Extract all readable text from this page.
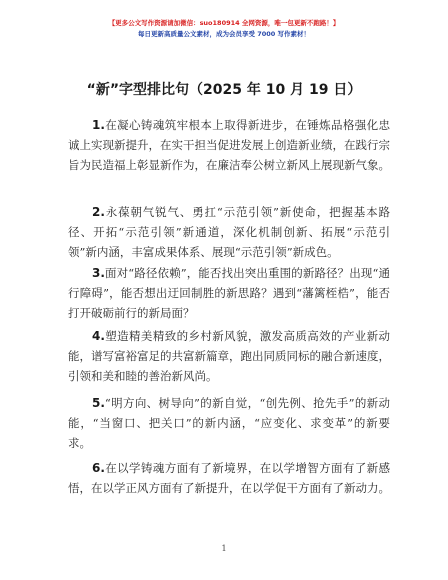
【更多公文写作资源请加微信：suo180914 全网资源，唯一包更新不跑路！】
每日更新高质量公文素材，成为会员享受 7000 写作素材！
“新”字型排比句（2025 年 10 月 19 日）

1.在凝心铸魂筑牢根本上取得新进步，在锤炼品格强化忠诚上实现新提升，在实干担当促进发展上创造新业绩，在践行宗旨为民造福上彰显新作为，在廉洁奉公树立新风上展现新气象。

2.永葆朝气锐气、勇扛“示范引领”新使命，把握基本路径、开拓“示范引领”新通道，深化机制创新、拓展“示范引领”新内涵，丰富成果体系、展现“示范引领”新成色。

3.面对“路径依赖”，能否找出突出重围的新路径？出现“通行障碍”，能否想出迂回制胜的新思路？遇到“藩篱桎梏”，能否打开破砺前行的新局面？

4.塑造精美精致的乡村新风貌，激发高质高效的产业新动能，谱写富裕富足的共富新篇章，跑出同质同标的融合新速度，引领和美和睦的善治新风尚。

5.“明方向、树导向”的新自觉，“创先例、抢先手”的新动能，“当窗口、把关口”的新内涵，“应变化、求变革”的新要求。

6.在以学铸魂方面有了新境界，在以学增智方面有了新感悟，在以学正风方面有了新提升，在以学促干方面有了新动力。

1
